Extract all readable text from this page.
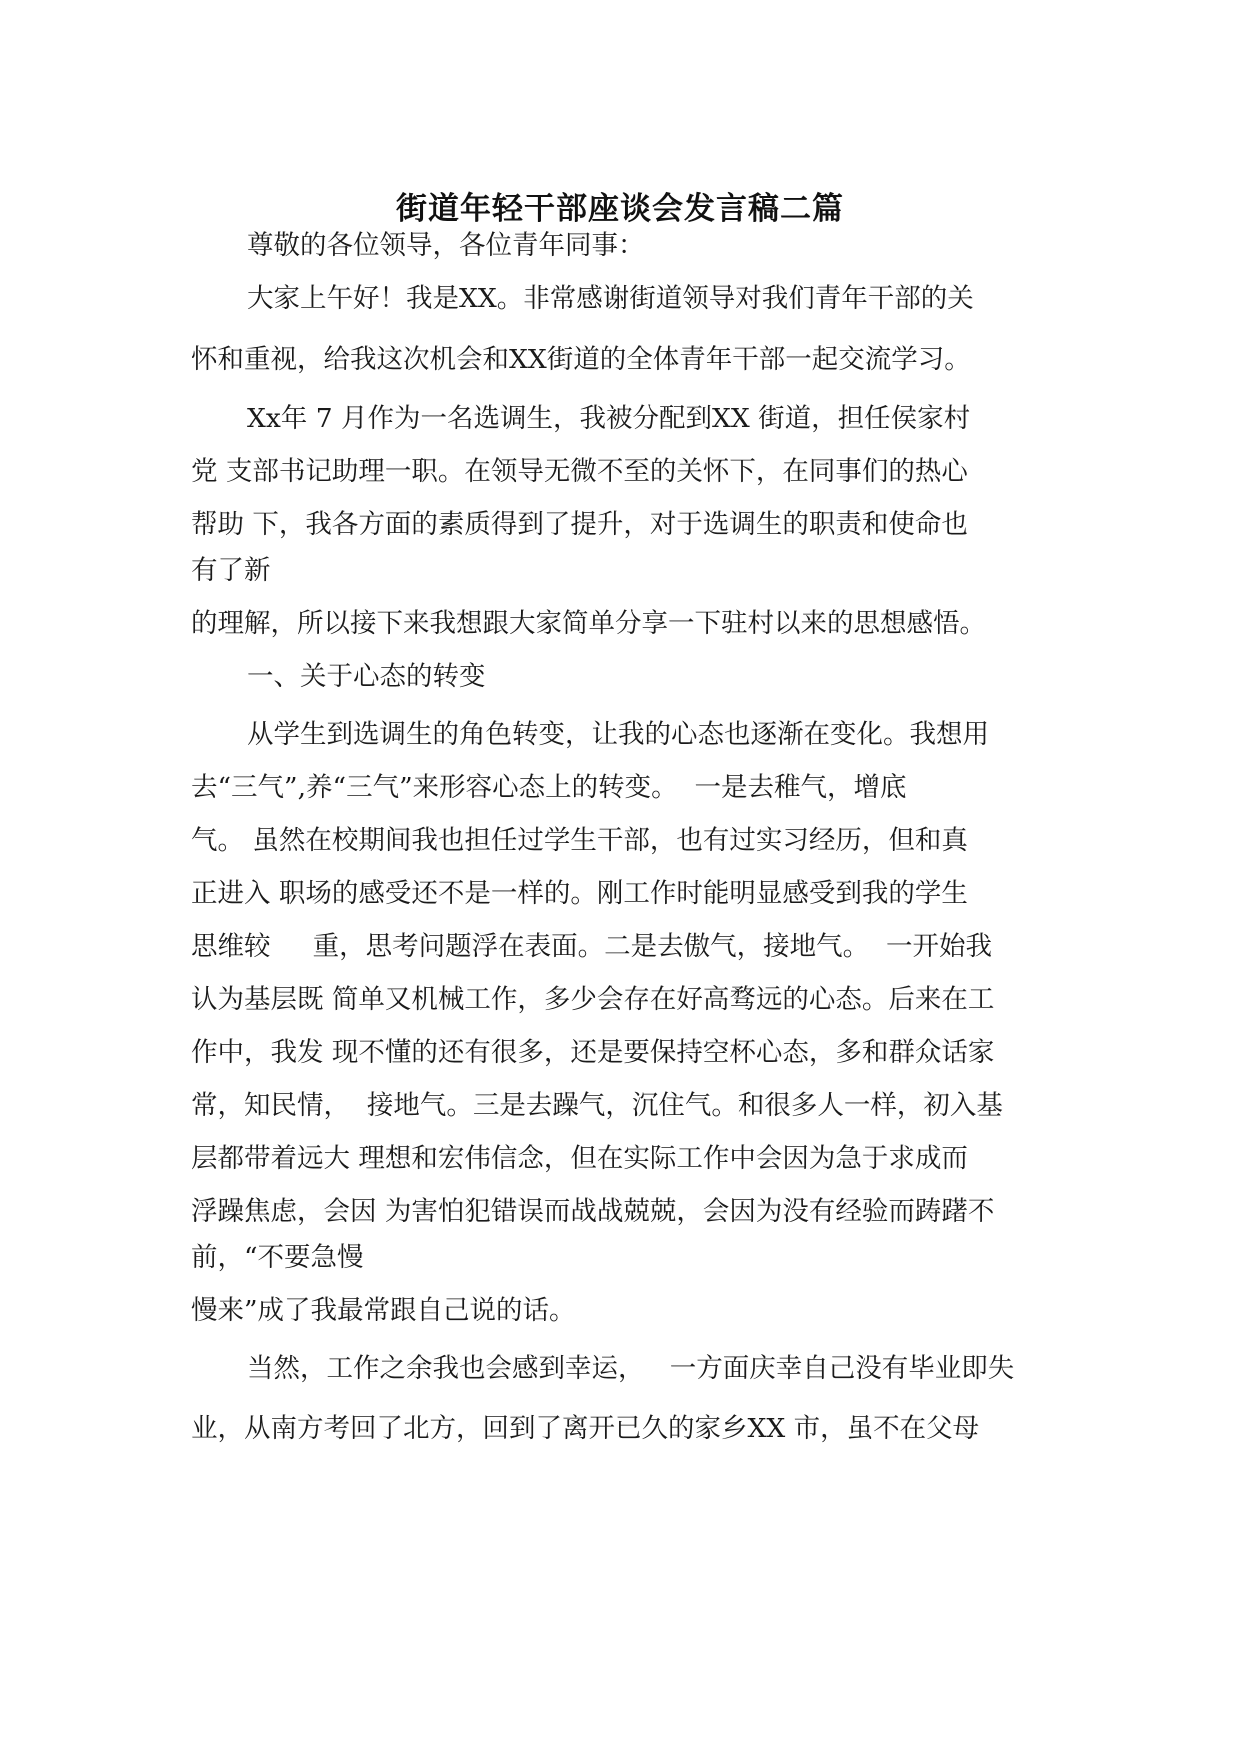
街道年轻干部座谈会发言稿二篇
尊敬的各位领导，各位青年同事：
大家上午好！我是XX。非常感谢街道领导对我们青年干部的关
怀和重视，给我这次机会和XX街道的全体青年干部一起交流学习。
Xx年 7 月作为一名选调生，我被分配到XX 街道，担任侯家村
党 支部书记助理一职。在领导无微不至的关怀下，在同事们的热心
帮助 下，我各方面的素质得到了提升，对于选调生的职责和使命也
有了新
的理解，所以接下来我想跟大家简单分享一下驻村以来的思想感悟。
一、关于心态的转变
从学生到选调生的角色转变，让我的心态也逐渐在变化。我想用
去“三气”,养“三气”来形容心态上的转变。  一是去稚气，增底
气。 虽然在校期间我也担任过学生干部，也有过实习经历，但和真
正进入 职场的感受还不是一样的。刚工作时能明显感受到我的学生
思维较     重，思考问题浮在表面。二是去傲气，接地气。  一开始我
认为基层既 简单又机械工作，多少会存在好高骛远的心态。后来在工
作中，我发 现不懂的还有很多，还是要保持空杯心态，多和群众话家
常，知民情，  接地气。三是去躁气，沉住气。和很多人一样，初入基
层都带着远大 理想和宏伟信念，但在实际工作中会因为急于求成而
浮躁焦虑，会因 为害怕犯错误而战战兢兢，会因为没有经验而踌躇不
前，“不要急慢
慢来”成了我最常跟自己说的话。
当然，工作之余我也会感到幸运，   一方面庆幸自己没有毕业即失
业，从南方考回了北方，回到了离开已久的家乡XX 市，虽不在父母
